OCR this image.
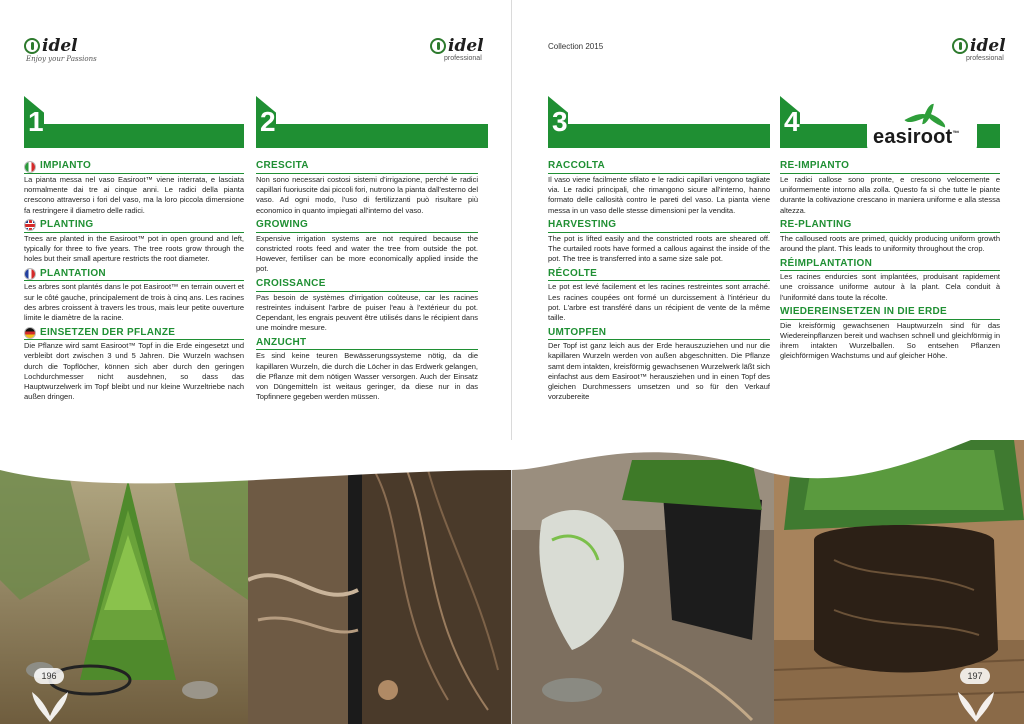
idel
Enjoy your Passions
idel
professional
1	2
IMPIANTO

La pianta messa nel vaso Easiroot™ viene interrata, e lasciata normalmente dai tre ai cinque anni. Le radici della pianta crescono attraverso i fori del vaso, ma la loro piccola dimensione fa restringere il diametro delle radici.

PLANTING

Trees are planted in the Easiroot™ pot in open ground and left, typically for three to five years. The tree roots grow through the holes but their small aperture restricts the root diameter.

PLANTATION

Les arbres sont plantés dans le pot Easiroot™ en terrain ouvert et sur le côté gauche, principalement de trois à cinq ans. Les racines des arbres croissent à travers les trous, mais leur petite ouverture limite le diamètre de la racine.

EINSETZEN DER PFLANZE

Die Pflanze wird samt Easiroot™ Topf in die Erde eingesetzt und verbleibt dort zwischen 3 und 5 Jahren. Die Wurzeln wachsen durch die Topflöcher, können sich aber durch den geringen Lochdurchmesser nicht ausdehnen, so dass das Hauptwurzelwerk im Topf bleibt und nur kleine Wurzeltriebe nach außen dringen.

CRESCITA

Non sono necessari costosi sistemi d'irrigazione, perché le radici capillari fuoriuscite dai piccoli fori, nutrono la pianta dall'esterno del vaso. Ad ogni modo, l'uso di fertilizzanti può risultare più economico in quanto impiegati all'interno del vaso.

GROWING

Expensive irrigation systems are not required because the constricted roots feed and water the tree from outside the pot. However, fertiliser can be more economically applied inside the pot.

CROISSANCE

Pas besoin de systèmes d'irrigation coûteuse, car les racines restreintes induisent l'arbre de puiser l'eau à l'extérieur du pot. Cependant, les engrais peuvent être utilisés dans le récipient dans une moindre mesure.

ANZUCHT

Es sind keine teuren Bewässerungssysteme nötig, da die kapillaren Wurzeln, die durch die Löcher in das Erdwerk gelangen, die Pflanze mit dem nötigen Wasser versorgen. Auch der Einsatz von Düngemitteln ist weitaus geringer, da diese nur in das Topfinnere gegeben werden müssen.

196
Collection 2015	idel
professional
3	4	easiroot™
RACCOLTA

Il vaso viene facilmente sfilato e le radici capillari vengono tagliate via. Le radici principali, che rimangono sicure all'interno, hanno formato delle callosità contro le pareti del vaso. La pianta viene messa in un vaso delle stesse dimensioni per la vendita.

HARVESTING

The pot is lifted easily and the constricted roots are sheared off. The curtailed roots have formed a callous against the inside of the pot. The tree is transferred into a same size sale pot.

RÉCOLTE

Le pot est levé facilement et les racines restreintes sont arraché. Les racines coupées ont formé un durcissement à l'intérieur du pot. L'arbre est transféré dans un récipient de vente de la même taille.

UMTOPFEN

Der Topf ist ganz leich aus der Erde herauszuziehen und nur die kapillaren Wurzeln werden von außen abgeschnitten. Die Pflanze samt dem intakten, kreisförmig gewachsenen Wurzelwerk läßt sich einfachst aus dem Easiroot™ herausziehen und in einen Topf des gleichen Durchmessers umsetzen und so für den Verkauf vorzubereite

RE-IMPIANTO

Le radici callose sono pronte, e crescono velocemente e uniformemente intorno alla zolla. Questo fa sì che tutte le piante durante la coltivazione crescano in maniera uniforme e alla stessa altezza.

RE-PLANTING

The calloused roots are primed, quickly producing uniform growth around the plant. This leads to uniformity throughout the crop.

RÉIMPLANTATION

Les racines endurcies sont implantées, produisant rapidement une croissance uniforme autour à la plant. Cela conduit à l'uniformité dans toute la récolte.

WIEDEREINSETZEN IN DIE ERDE

Die kreisförmig gewachsenen Hauptwurzeln sind für das Wiedereinpflanzen bereit und wachsen schnell und gleichförmig in ihrem intakten Wurzelballen. So entsehen Pflanzen gleichförmigen Wachstums und auf gleicher Höhe.

197
